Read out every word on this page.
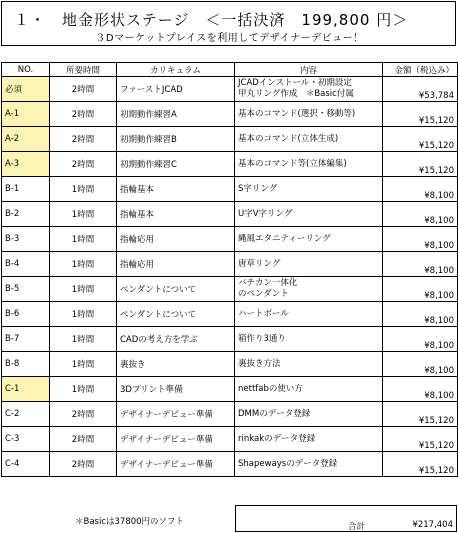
１・　地金形状ステージ　＜一括決済　199,800 円＞
３Dマーケットプレイスを利用してデザイナーデビュー！
NO.	所要時間	カリキュラム	内容	金額（税込み）
必須	2時間	ファーストJCAD	JCADインストール・初期設定
甲丸リング作成　＊Basic付属	¥53,784
A-1	2時間	初期動作練習A	基本のコマンド(選択・移動等)	¥15,120
A-2	2時間	初期動作練習B	基本のコマンド(立体生成)	¥15,120
A-3	2時間	初期動作練習C	基本のコマンド等(立体編集)	¥15,120
B-1	1時間	指輪基本	S字リング	¥8,100
B-2	1時間	指輪基本	U字V字リング	¥8,100
B-3	1時間	指輪応用	縄風エタニティーリング	¥8,100
B-4	1時間	指輪応用	唐草リング	¥8,100
B-5	1時間	ペンダントについて	バチカン一体化
のペンダント	¥8,100
B-6	1時間	ペンダントについて	ハートボール	¥8,100
B-7	1時間	CADの考え方を学ぶ	箱作り3通り	¥8,100
B-8	1時間	裏抜き	裏抜き方法	¥8,100
C-1	1時間	3Dプリント準備	nettfabの使い方	¥8,100
C-2	2時間	デザイナーデビュー準備	DMMのデータ登録	¥15,120
C-3	2時間	デザイナーデビュー準備	rinkakのデータ登録	¥15,120
C-4	2時間	デザイナーデビュー準備	Shapewaysのデータ登録	¥15,120
＊Basicは37800円のソフト	合計	¥217,404
